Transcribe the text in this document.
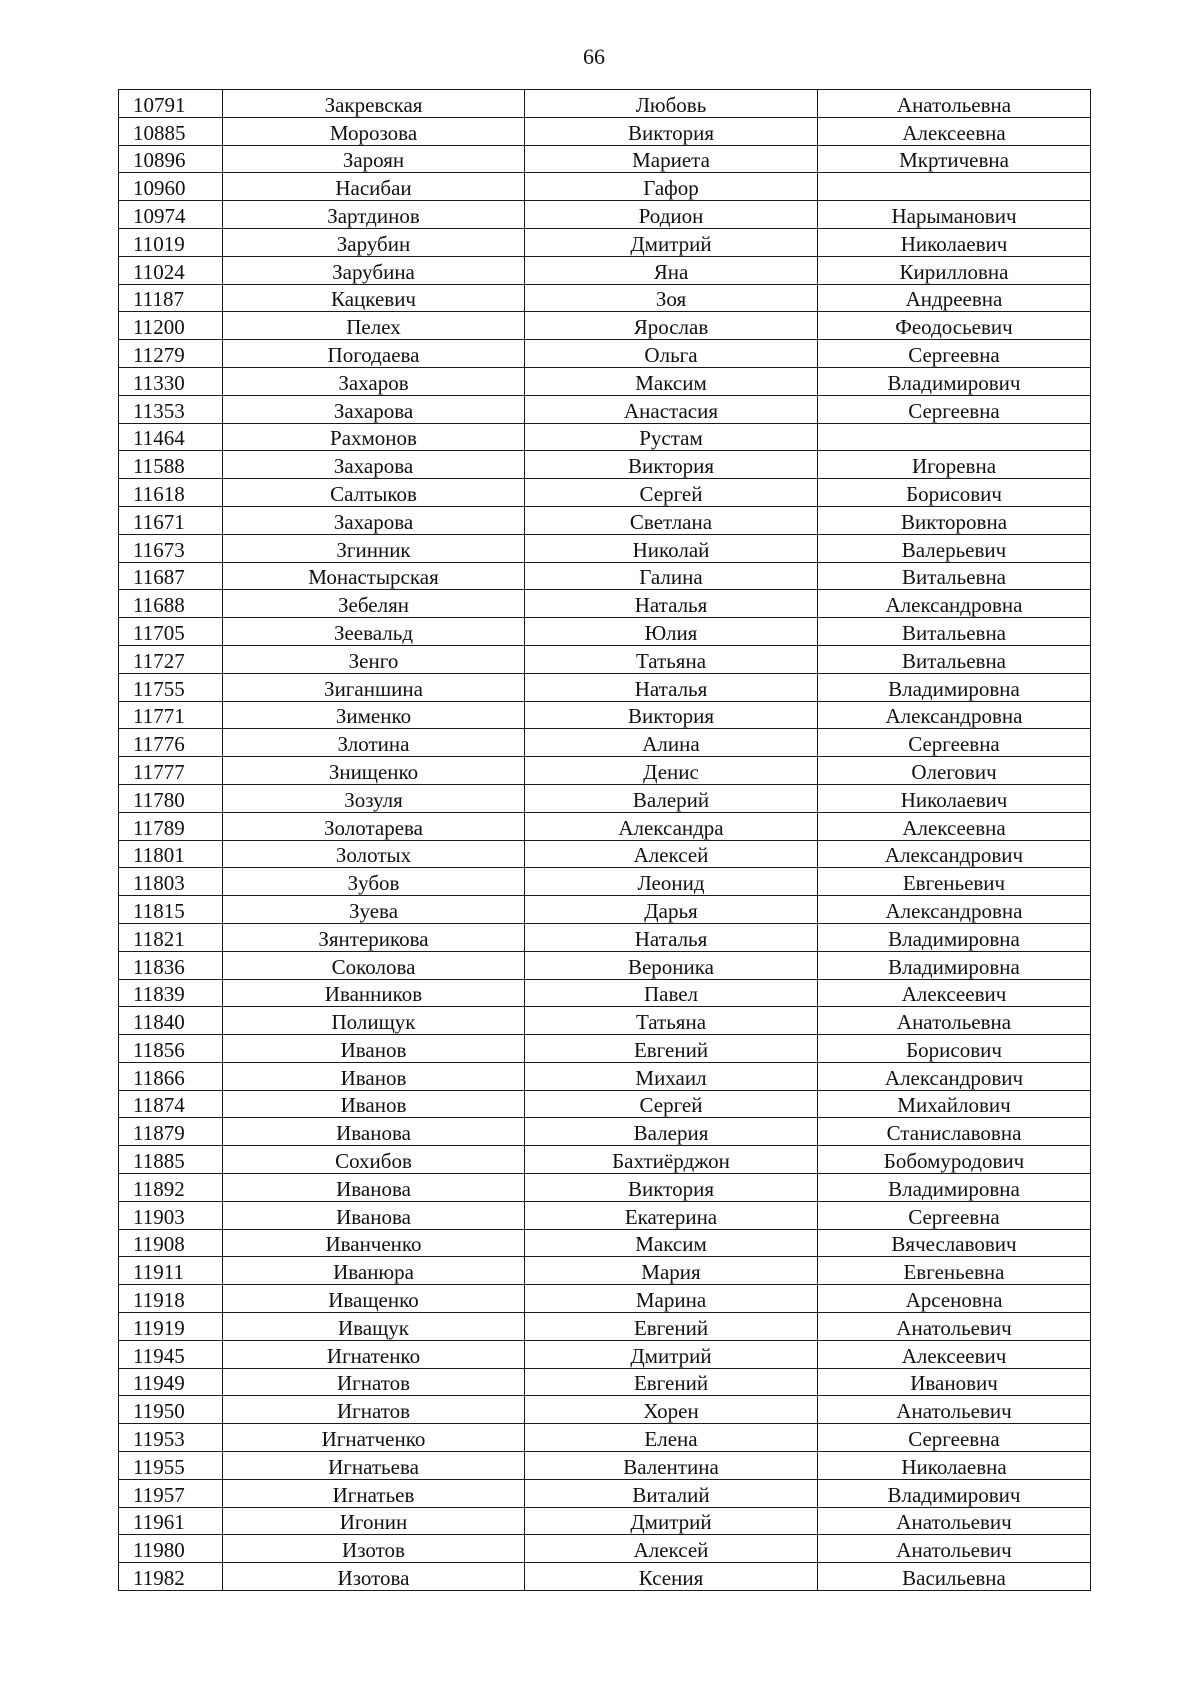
66
10791	Закревская	Любовь	Анатольевна
10885	Морозова	Виктория	Алексеевна
10896	Зароян	Мариета	Мкртичевна
10960	Насибаи	Гафор	
10974	Зартдинов	Родион	Нарыманович
11019	Зарубин	Дмитрий	Николаевич
11024	Зарубина	Яна	Кирилловна
11187	Кацкевич	Зоя	Андреевна
11200	Пелех	Ярослав	Феодосьевич
11279	Погодаева	Ольга	Сергеевна
11330	Захаров	Максим	Владимирович
11353	Захарова	Анастасия	Сергеевна
11464	Рахмонов	Рустам	
11588	Захарова	Виктория	Игоревна
11618	Салтыков	Сергей	Борисович
11671	Захарова	Светлана	Викторовна
11673	Згинник	Николай	Валерьевич
11687	Монастырская	Галина	Витальевна
11688	Зебелян	Наталья	Александровна
11705	Зеевальд	Юлия	Витальевна
11727	Зенго	Татьяна	Витальевна
11755	Зиганшина	Наталья	Владимировна
11771	Зименко	Виктория	Александровна
11776	Злотина	Алина	Сергеевна
11777	Знищенко	Денис	Олегович
11780	Зозуля	Валерий	Николаевич
11789	Золотарева	Александра	Алексеевна
11801	Золотых	Алексей	Александрович
11803	Зубов	Леонид	Евгеньевич
11815	Зуева	Дарья	Александровна
11821	Зянтерикова	Наталья	Владимировна
11836	Соколова	Вероника	Владимировна
11839	Иванников	Павел	Алексеевич
11840	Полищук	Татьяна	Анатольевна
11856	Иванов	Евгений	Борисович
11866	Иванов	Михаил	Александрович
11874	Иванов	Сергей	Михайлович
11879	Иванова	Валерия	Станиславовна
11885	Сохибов	Бахтиёрджон	Бобомуродович
11892	Иванова	Виктория	Владимировна
11903	Иванова	Екатерина	Сергеевна
11908	Иванченко	Максим	Вячеславович
11911	Иванюра	Мария	Евгеньевна
11918	Иващенко	Марина	Арсеновна
11919	Иващук	Евгений	Анатольевич
11945	Игнатенко	Дмитрий	Алексеевич
11949	Игнатов	Евгений	Иванович
11950	Игнатов	Хорен	Анатольевич
11953	Игнатченко	Елена	Сергеевна
11955	Игнатьева	Валентина	Николаевна
11957	Игнатьев	Виталий	Владимирович
11961	Игонин	Дмитрий	Анатольевич
11980	Изотов	Алексей	Анатольевич
11982	Изотова	Ксения	Васильевна
